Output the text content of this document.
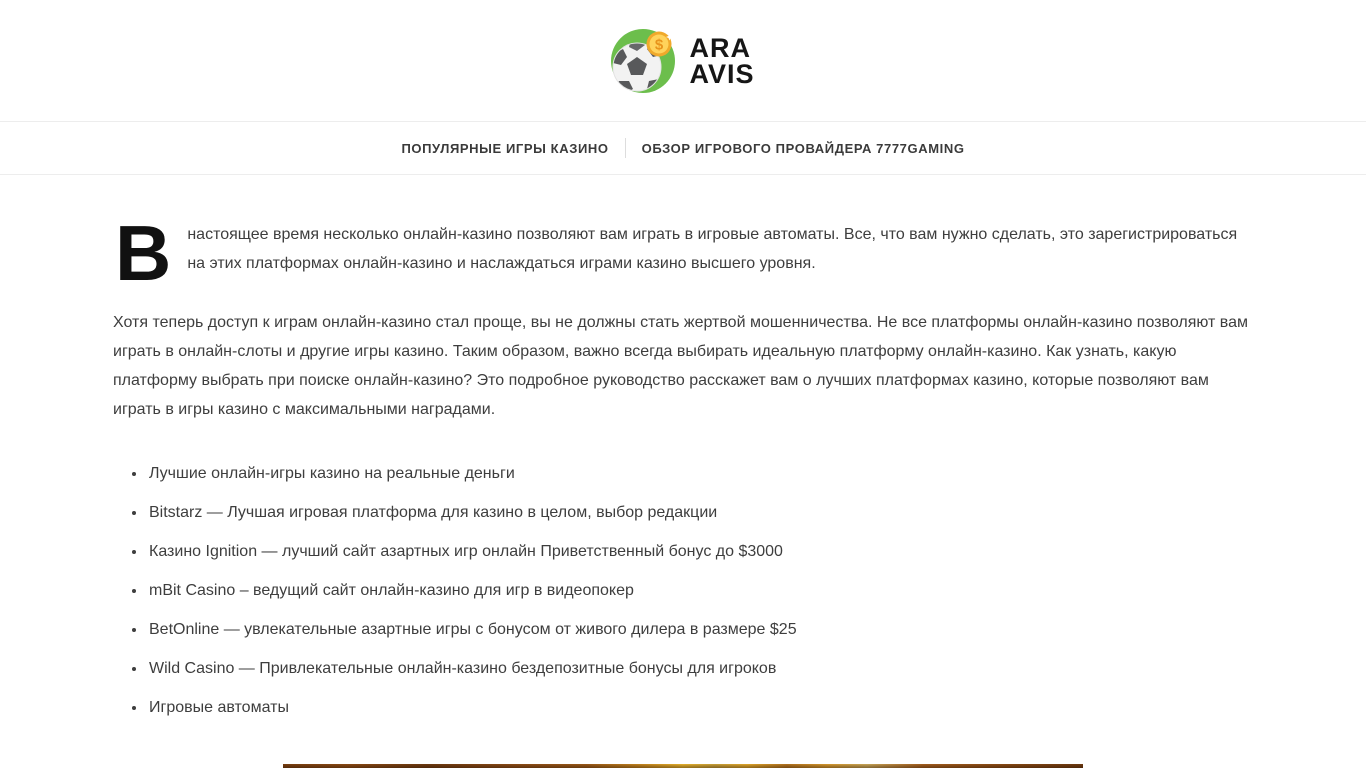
$ ARA
AVIS
ПОПУЛЯРНЫЕ ИГРЫ КАЗИНО	ОБЗОР ИГРОВОГО ПРОВАЙДЕРА 7777GAMING

В настоящее время несколько онлайн-казино позволяют вам играть в игровые автоматы. Все, что вам нужно сделать, это зарегистрироваться на этих платформах онлайн-казино и наслаждаться играми казино высшего уровня.

Хотя теперь доступ к играм онлайн-казино стал проще, вы не должны стать жертвой мошенничества. Не все платформы онлайн-казино позволяют вам играть в онлайн-слоты и другие игры казино. Таким образом, важно всегда выбирать идеальную платформу онлайн-казино. Как узнать, какую платформу выбрать при поиске онлайн-казино? Это подробное руководство расскажет вам о лучших платформах казино, которые позволяют вам играть в игры казино с максимальными наградами.

• Лучшие онлайн-игры казино на реальные деньги
• Bitstarz — Лучшая игровая платформа для казино в целом, выбор редакции
• Казино Ignition — лучший сайт азартных игр онлайн Приветственный бонус до $3000
• mBit Casino – ведущий сайт онлайн-казино для игр в видеопокер
• BetOnline — увлекательные азартные игры с бонусом от живого дилера в размере $25
• Wild Casino — Привлекательные онлайн-казино бездепозитные бонусы для игроков
• Игровые автоматы
